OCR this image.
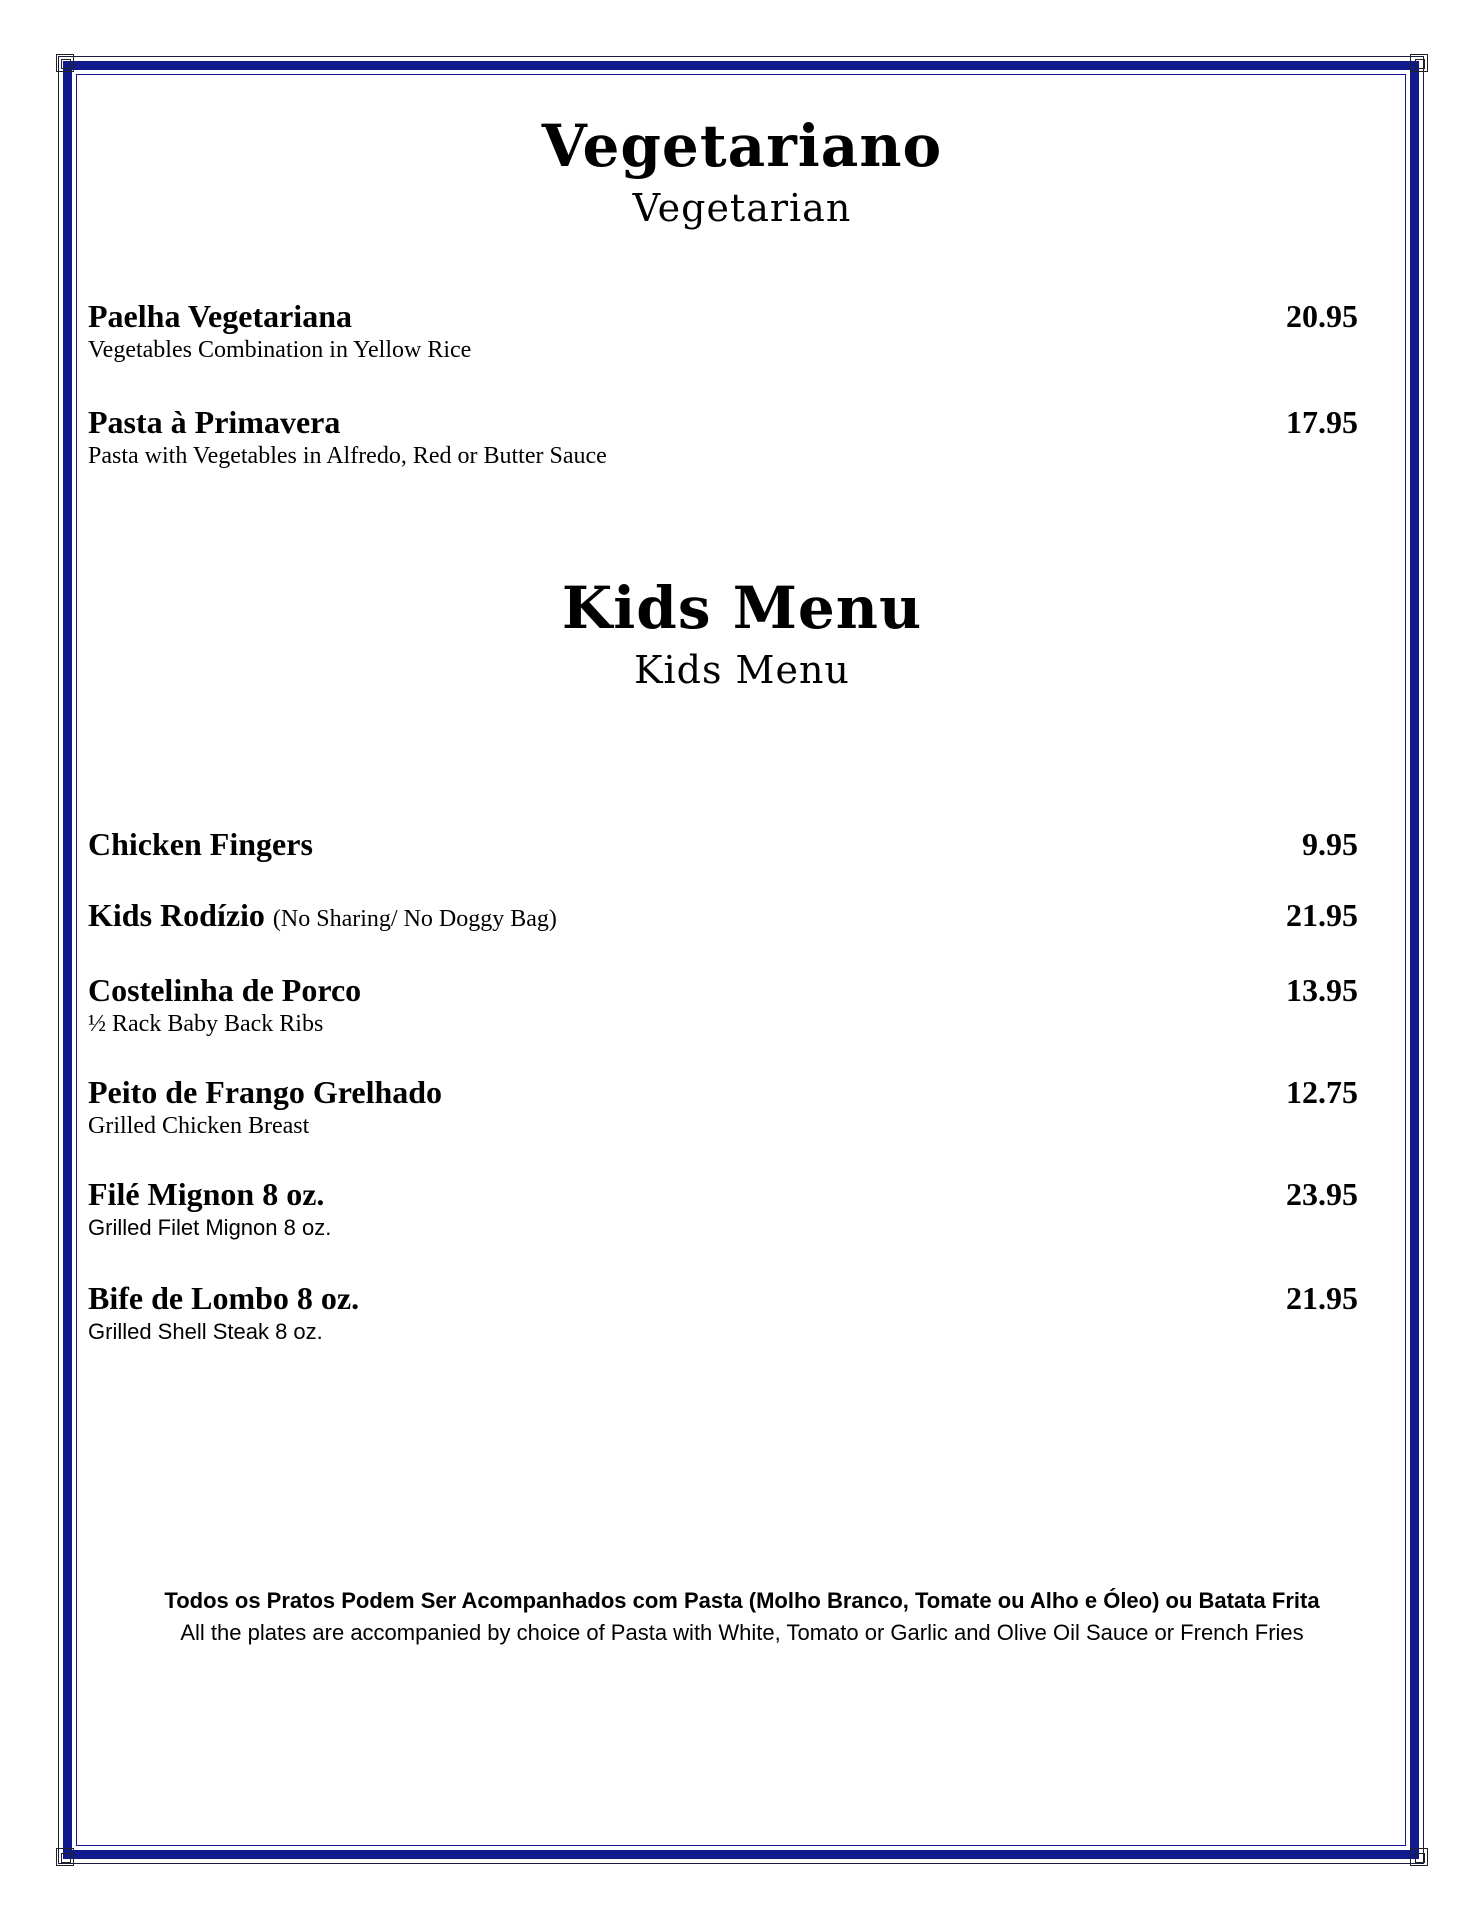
Vegetariano
Vegetarian
Paelha Vegetariana
Vegetables Combination in Yellow Rice
20.95
Pasta à Primavera
Pasta with Vegetables in Alfredo, Red or Butter Sauce
17.95
Kids Menu
Kids Menu
Chicken Fingers	9.95
Kids Rodízio (No Sharing/ No Doggy Bag)	21.95
Costelinha de Porco
½ Rack Baby Back Ribs
13.95
Peito de Frango Grelhado
Grilled Chicken Breast
12.75
Filé Mignon 8 oz.
Grilled Filet Mignon 8 oz.
23.95
Bife de Lombo 8 oz.
Grilled Shell Steak 8 oz.
21.95
Todos os Pratos Podem Ser Acompanhados com Pasta (Molho Branco, Tomate ou Alho e Óleo) ou Batata Frita
All the plates are accompanied by choice of Pasta with White, Tomato or Garlic and Olive Oil Sauce or French Fries
